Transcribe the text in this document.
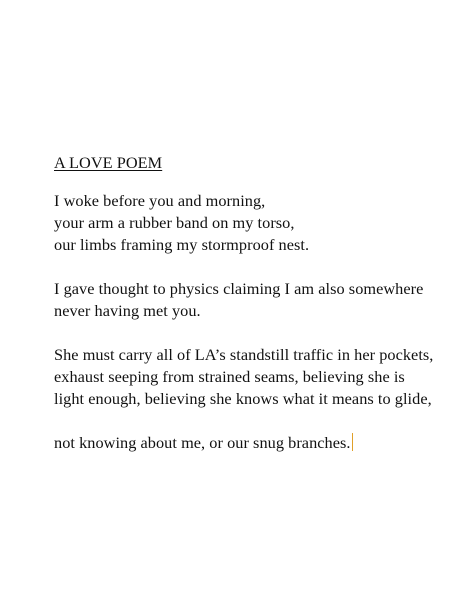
A LOVE POEM
I woke before you and morning,
your arm a rubber band on my torso,
our limbs framing my stormproof nest.
I gave thought to physics claiming I am also somewhere
never having met you.
She must carry all of LA’s standstill traffic in her pockets,
exhaust seeping from strained seams, believing she is
light enough, believing she knows what it means to glide,
not knowing about me, or our snug branches.
